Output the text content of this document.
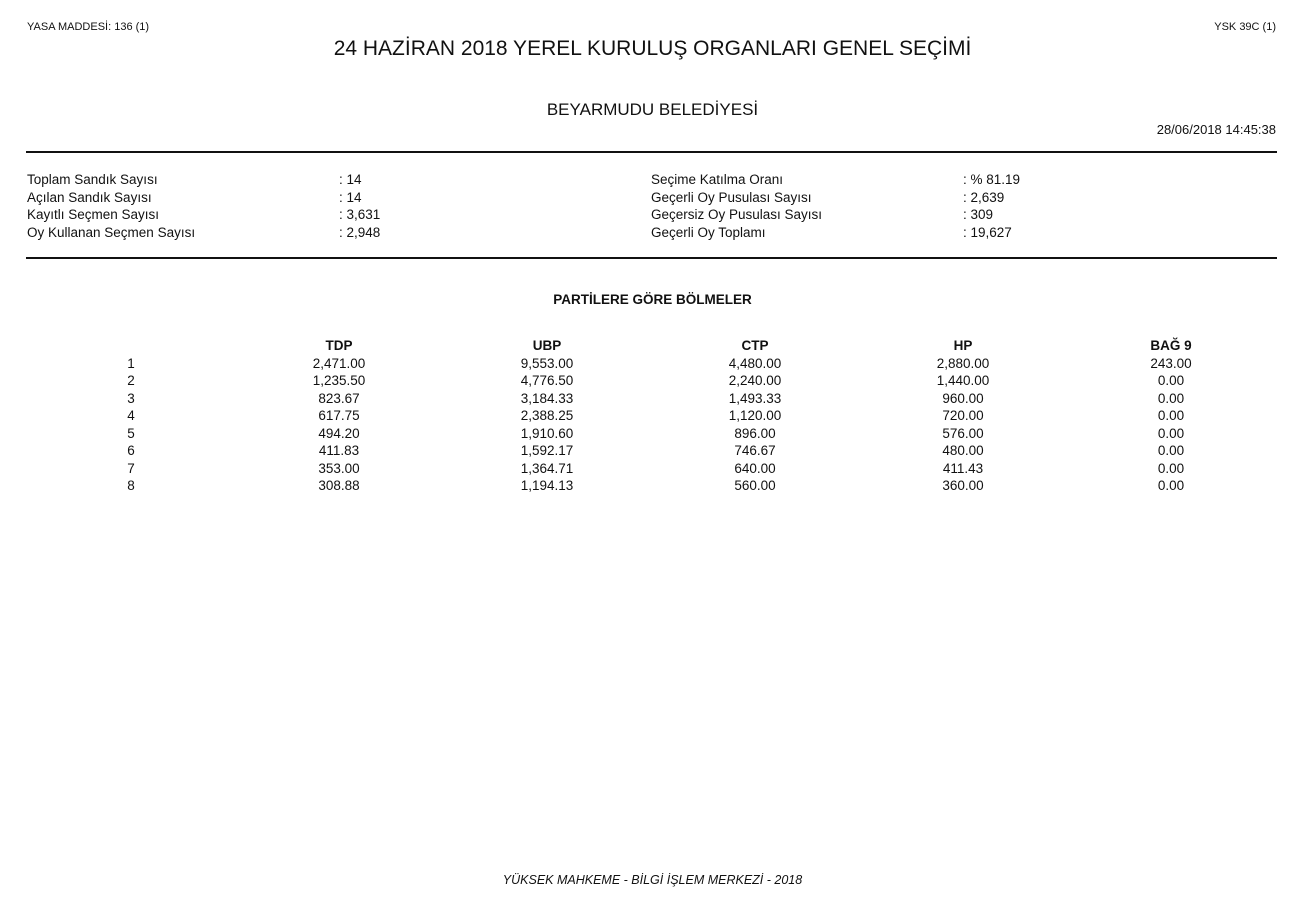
YASA MADDESİ: 136 (1)	YSK 39C (1)
24 HAZİRAN 2018 YEREL KURULUŞ ORGANLARI GENEL SEÇİMİ
BEYARMUDU BELEDİYESİ
28/06/2018 14:45:38
Toplam Sandık Sayısı	: 14
Açılan Sandık Sayısı	: 14
Kayıtlı Seçmen Sayısı	: 3,631
Oy Kullanan Seçmen Sayısı	: 2,948
Seçime Katılma Oranı	: % 81.19
Geçerli Oy Pusulası Sayısı	: 2,639
Geçersiz Oy Pusulası Sayısı	: 309
Geçerli Oy Toplamı	: 19,627
PARTİLERE GÖRE BÖLMELER
	TDP	UBP	CTP	HP	BAĞ 9
1	2,471.00	9,553.00	4,480.00	2,880.00	243.00
2	1,235.50	4,776.50	2,240.00	1,440.00	0.00
3	823.67	3,184.33	1,493.33	960.00	0.00
4	617.75	2,388.25	1,120.00	720.00	0.00
5	494.20	1,910.60	896.00	576.00	0.00
6	411.83	1,592.17	746.67	480.00	0.00
7	353.00	1,364.71	640.00	411.43	0.00
8	308.88	1,194.13	560.00	360.00	0.00
YÜKSEK MAHKEME - BİLGİ İŞLEM MERKEZİ - 2018
